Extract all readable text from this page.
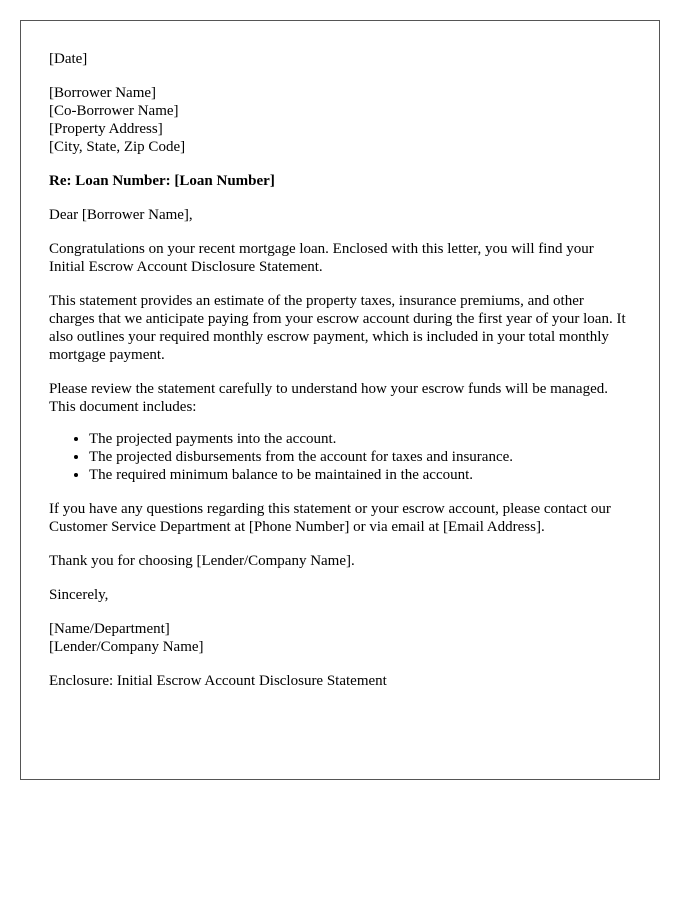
[Date]
[Borrower Name]
[Co-Borrower Name]
[Property Address]
[City, State, Zip Code]

Re: Loan Number: [Loan Number]

Dear [Borrower Name],

Congratulations on your recent mortgage loan. Enclosed with this letter, you will find your Initial Escrow Account Disclosure Statement.

This statement provides an estimate of the property taxes, insurance premiums, and other charges that we anticipate paying from your escrow account during the first year of your loan. It also outlines your required monthly escrow payment, which is included in your total monthly mortgage payment.

Please review the statement carefully to understand how your escrow funds will be managed. This document includes:

• The projected payments into the account.
• The projected disbursements from the account for taxes and insurance.
• The required minimum balance to be maintained in the account.

If you have any questions regarding this statement or your escrow account, please contact our Customer Service Department at [Phone Number] or via email at [Email Address].

Thank you for choosing [Lender/Company Name].

Sincerely,

[Name/Department]
[Lender/Company Name]

Enclosure: Initial Escrow Account Disclosure Statement
